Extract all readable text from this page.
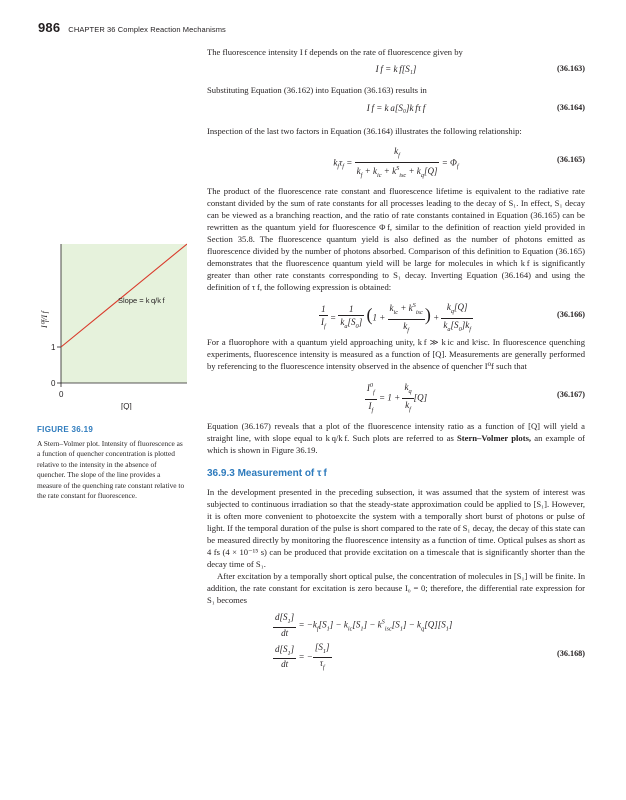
986 CHAPTER 36 Complex Reaction Mechanisms
1
0
0
[Q]
Slope = k q/k f
I⁰f/I f
FIGURE 36.19
A Stern–Volmer plot. Intensity of fluorescence as a function of quencher concentration is plotted relative to the intensity in the absence of quencher. The slope of the line provides a measure of the quenching rate constant relative to the rate constant for fluorescence.

The fluorescence intensity I f depends on the rate of fluorescence given by

I f = k f[S₁]	(36.163)

Substituting Equation (36.162) into Equation (36.163) results in

I f = k a[S₀]k fτ f	(36.164)

Inspection of the last two factors in Equation (36.164) illustrates the following relationship:

$k_f\tau_f = \frac{k_f}{k_f + k_{ic} + k^S_{isc} + k_q[Q]} = \Phi_f$
(36.165)

The product of the fluorescence rate constant and fluorescence lifetime is equivalent to the radiative rate constant divided by the sum of rate constants for all processes leading to the decay of S₁. In effect, S₁ decay can be viewed as a branching reaction, and the ratio of rate constants contained in Equation (36.165) can be rewritten as the quantum yield for fluorescence Φ f, similar to the definition of reaction yield provided in Section 35.8. The fluorescence quantum yield is also defined as the number of photons emitted as fluorescence divided by the number of photons absorbed. Comparison of this definition to Equation (36.165) demonstrates that the fluorescence quantum yield will be large for molecules in which k f is significantly greater than other rate constants corresponding to S₁ decay. Inverting Equation (36.164) and using the definition of τ f, the following expression is obtained:

$\frac{1}{I_f} = \frac{1}{k_a[S_0]} (1 + \frac{k_{ic} + k^S_{isc}}{k_f}$ ) + $\frac{k_q[Q]}{k_a[S_0]k_f}$	(36.166)

For a fluorophore with a quantum yield approaching unity, k f ≫ k ic and kˢisc. In fluorescence quenching experiments, fluorescence intensity is measured as a function of [Q]. Measurements are generally performed by referencing to the fluorescence intensity observed in the absence of quencher I⁰f such that

$\frac{I^0_f}{I_f} = 1 + \frac{k_q}{k_f} [Q]$	(36.167)

Equation (36.167) reveals that a plot of the fluorescence intensity ratio as a function of [Q] will yield a straight line, with slope equal to k q/k f. Such plots are referred to as Stern–Volmer plots, an example of which is shown in Figure 36.19.

36.9.3 Measurement of τ f

In the development presented in the preceding subsection, it was assumed that the system of interest was subjected to continuous irradiation so that the steady-state approximation could be applied to [S₁]. However, it is often more convenient to photoexcite the system with a temporally short burst of photons or pulse of light. If the temporal duration of the pulse is short compared to the rate of S₁ decay, the decay of this state can be measured directly by monitoring the fluorescence intensity as a function of time. Optical pulses as short as 4 fs (4 × 10⁻¹⁵ s) can be produced that provide excitation on a timescale that is significantly shorter than the decay time of S₁.

After excitation by a temporally short optical pulse, the concentration of molecules in [S₁] will be finite. In addition, the rate constant for excitation is zero because I₀ = 0; therefore, the differential rate expression for S₁ becomes

$\frac{d[S_1]}{dt} = -k_f[S_1] - k_{ic}[S_1] - k^S_{isc}[S_1] - k_q[Q][S_1]$
$\frac{d[S_1]}{dt}$ = − $\frac{[S_1]}{\tau_f}$	(36.168)
